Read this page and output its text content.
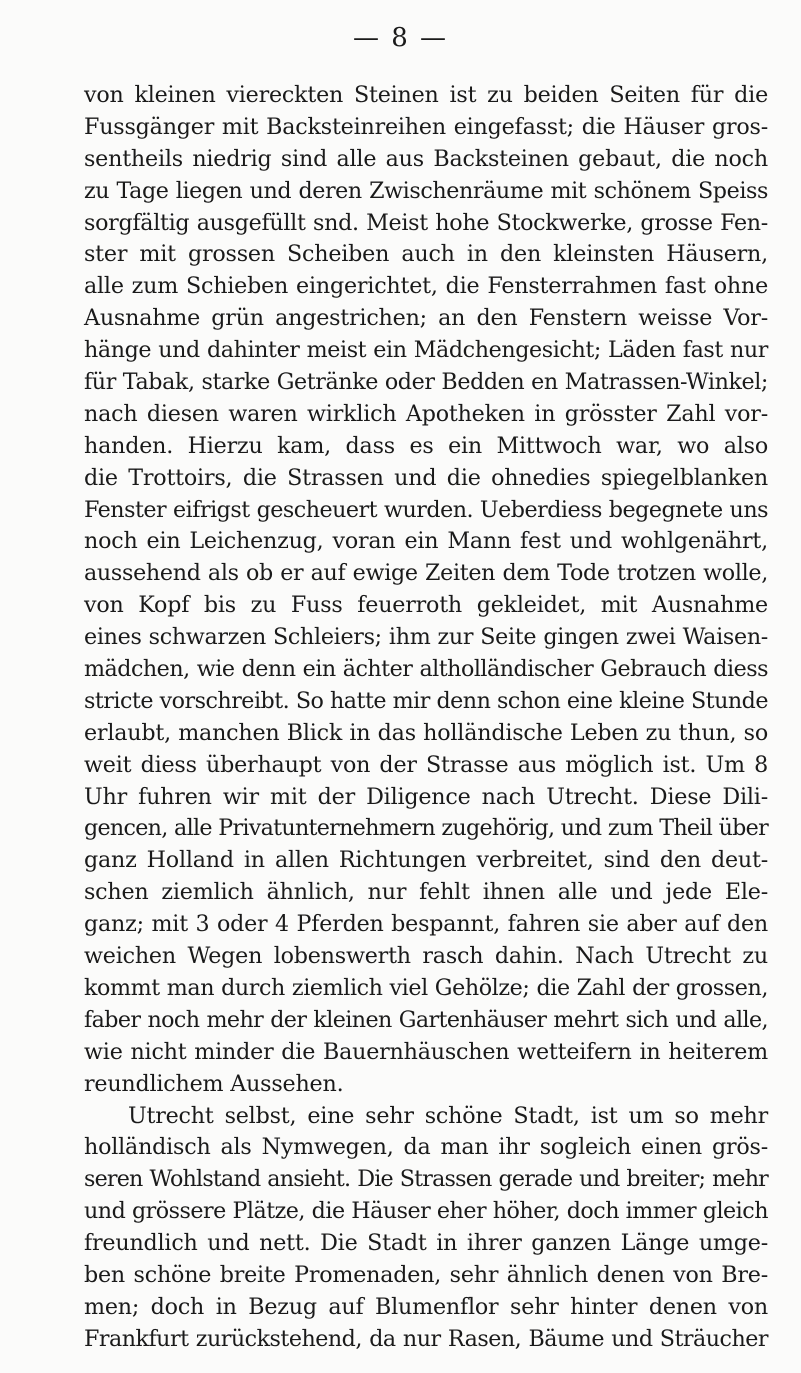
— 8 —
von kleinen viereckten Steinen ist zu beiden Seiten für die
Fussgänger mit Backsteinreihen eingefasst; die Häuser gros-
sentheils niedrig sind alle aus Backsteinen gebaut, die noch
zu Tage liegen und deren Zwischenräume mit schönem Speiss
sorgfältig ausgefüllt snd. Meist hohe Stockwerke, grosse Fen-
ster mit grossen Scheiben auch in den kleinsten Häusern,
alle zum Schieben eingerichtet, die Fensterrahmen fast ohne
Ausnahme grün angestrichen; an den Fenstern weisse Vor-
hänge und dahinter meist ein Mädchengesicht; Läden fast nur
für Tabak, starke Getränke oder Bedden en Matrassen-Winkel;
nach diesen waren wirklich Apotheken in grösster Zahl vor-
handen. Hierzu kam, dass es ein Mittwoch war, wo also
die Trottoirs, die Strassen und die ohnedies spiegelblanken
Fenster eifrigst gescheuert wurden. Ueberdiess begegnete uns
noch ein Leichenzug, voran ein Mann fest und wohlgenährt,
aussehend als ob er auf ewige Zeiten dem Tode trotzen wolle,
von Kopf bis zu Fuss feuerroth gekleidet, mit Ausnahme
eines schwarzen Schleiers; ihm zur Seite gingen zwei Waisen-
mädchen, wie denn ein ächter altholländischer Gebrauch diess
stricte vorschreibt. So hatte mir denn schon eine kleine Stunde
erlaubt, manchen Blick in das holländische Leben zu thun, so
weit diess überhaupt von der Strasse aus möglich ist. Um 8
Uhr fuhren wir mit der Diligence nach Utrecht. Diese Dili-
gencen, alle Privatunternehmern zugehörig, und zum Theil über
ganz Holland in allen Richtungen verbreitet, sind den deut-
schen ziemlich ähnlich, nur fehlt ihnen alle und jede Ele-
ganz; mit 3 oder 4 Pferden bespannt, fahren sie aber auf den
weichen Wegen lobenswerth rasch dahin. Nach Utrecht zu
kommt man durch ziemlich viel Gehölze; die Zahl der grossen,
faber noch mehr der kleinen Gartenhäuser mehrt sich und alle,
wie nicht minder die Bauernhäuschen wetteifern in heiterem
reundlichem Aussehen.
Utrecht selbst, eine sehr schöne Stadt, ist um so mehr
holländisch als Nymwegen, da man ihr sogleich einen grös-
seren Wohlstand ansieht. Die Strassen gerade und breiter; mehr
und grössere Plätze, die Häuser eher höher, doch immer gleich
freundlich und nett. Die Stadt in ihrer ganzen Länge umge-
ben schöne breite Promenaden, sehr ähnlich denen von Bre-
men; doch in Bezug auf Blumenflor sehr hinter denen von
Frankfurt zurückstehend, da nur Rasen, Bäume und Sträucher
